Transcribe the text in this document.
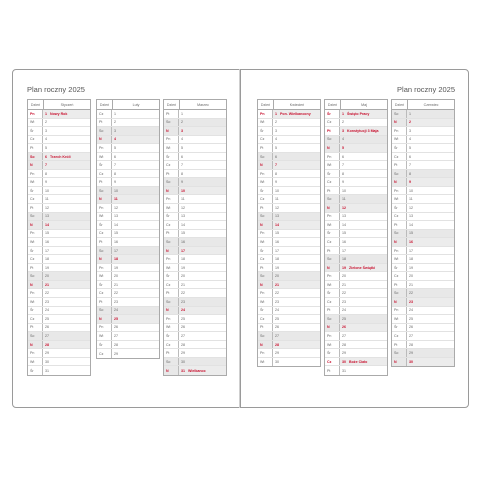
Plan roczny 2025
Dzień	Styczeń
Pn	1 Nowy Rok
Wt	2
Śr	3
Cz	4
Pt	5
So	6 Trzech Króli
N	7
Pn	8
Wt	9
Śr	10
Cz	11
Pt	12
So	13
N	14
Pn	15
Wt	16
Śr	17
Cz	18
Pt	19
So	20
N	21
Pn	22
Wt	23
Śr	24
Cz	25
Pt	26
So	27
N	28
Pn	29
Wt	30
Śr	31
Dzień	Luty
Cz	1
Pt	2
So	3
N	4
Pn	5
Wt	6
Śr	7
Cz	8
Pt	9
So	10
N	11
Pn	12
Wt	13
Śr	14
Cz	15
Pt	16
So	17
N	18
Pn	19
Wt	20
Śr	21
Cz	22
Pt	23
So	24
N	25
Pn	26
Wt	27
Śr	28
Cz	29
Dzień	Marzec
Pt	1
So	2
N	3
Pn	4
Wt	5
Śr	6
Cz	7
Pt	8
So	9
N	10
Pn	11
Wt	12
Śr	13
Cz	14
Pt	15
So	16
N	17
Pn	18
Wt	19
Śr	20
Cz	21
Pt	22
So	23
N	24
Pn	25
Wt	26
Śr	27
Cz	28
Pt	29
So	30
N	31 Wielkanoc
Plan roczny 2025
Dzień	Kwiecień
Pn	1 Pon. Wielkanocny
Wt	2
Śr	3
Cz	4
Pt	5
So	6
N	7
Pn	8
Wt	9
Śr	10
Cz	11
Pt	12
So	13
N	14
Pn	15
Wt	16
Śr	17
Cz	18
Pt	19
So	20
N	21
Pn	22
Wt	23
Śr	24
Cz	25
Pt	26
So	27
N	28
Pn	29
Wt	30
Dzień	Maj
Śr	1 Święto Pracy
Cz	2
Pt	3 Konstytucji 3 Maja
So	4
N	5
Pn	6
Wt	7
Śr	8
Cz	9
Pt	10
So	11
N	12
Pn	13
Wt	14
Śr	15
Cz	16
Pt	17
So	18
N	19 Zielone Świątki
Pn	20
Wt	21
Śr	22
Cz	23
Pt	24
So	25
N	26
Pn	27
Wt	28
Śr	29
Cz	30 Boże Ciało
Pt	31
Dzień	Czerwiec
So	1
N	2
Pn	3
Wt	4
Śr	5
Cz	6
Pt	7
So	8
N	9
Pn	10
Wt	11
Śr	12
Cz	13
Pt	14
So	15
N	16
Pn	17
Wt	18
Śr	19
Cz	20
Pt	21
So	22
N	23
Pn	24
Wt	25
Śr	26
Cz	27
Pt	28
So	29
N	30
